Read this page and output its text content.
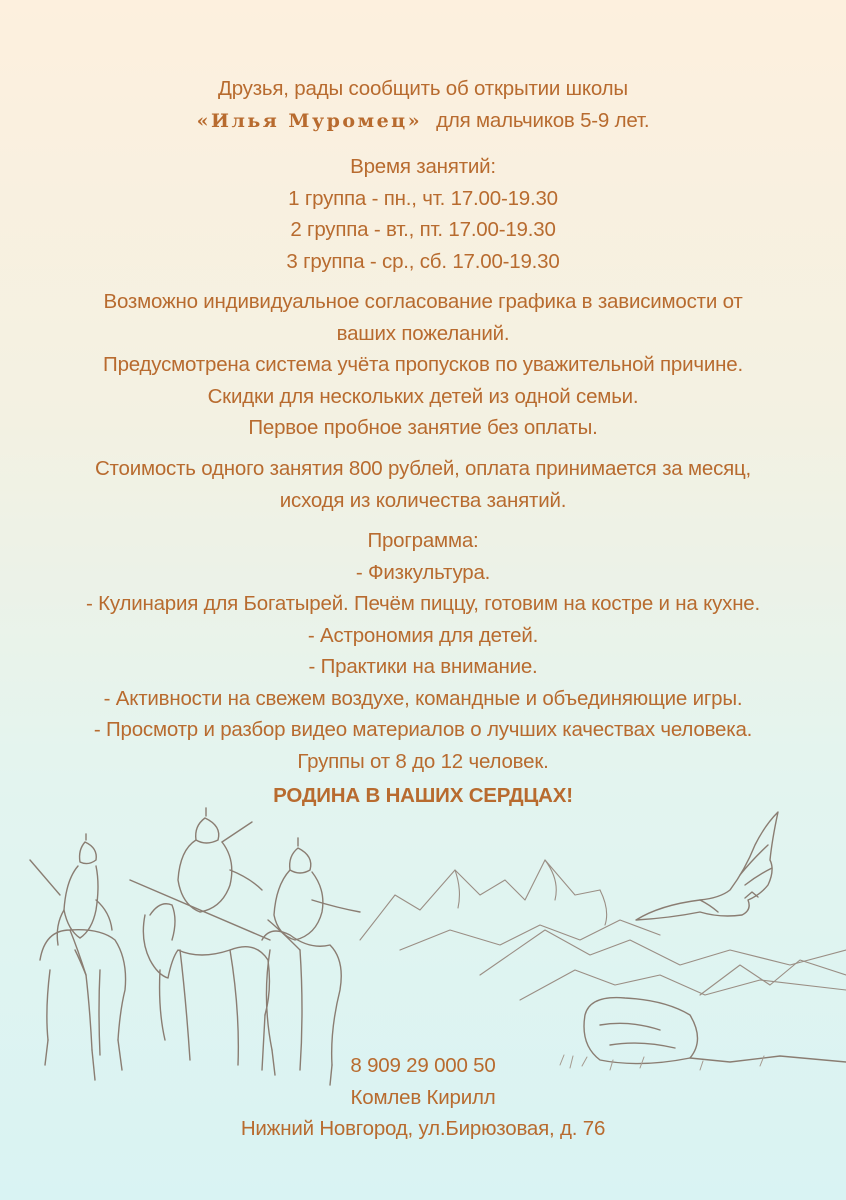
Друзья, рады сообщить об открытии школы
«Илья Муромец» для мальчиков 5-9 лет.
Время занятий:
1 группа - пн., чт. 17.00-19.30
2 группа - вт., пт. 17.00-19.30
3 группа - ср., сб. 17.00-19.30
Возможно индивидуальное согласование графика в зависимости от
ваших пожеланий.
Предусмотрена система учёта пропусков по уважительной причине.
Скидки для нескольких детей из одной семьи.
Первое пробное занятие без оплаты.
Стоимость одного занятия 800 рублей, оплата принимается за месяц,
исходя из количества занятий.
Программа:
- Физкультура.
- Кулинария для Богатырей. Печём пиццу, готовим на костре и на кухне.
- Астрономия для детей.
- Практики на внимание.
- Активности на свежем воздухе, командные и объединяющие игры.
- Просмотр и разбор видео материалов о лучших качествах человека.
Группы от 8 до 12 человек.
РОДИНА В НАШИХ СЕРДЦАХ!
8 909 29 000 50
Комлев Кирилл
Нижний Новгород, ул.Бирюзовая, д. 76
